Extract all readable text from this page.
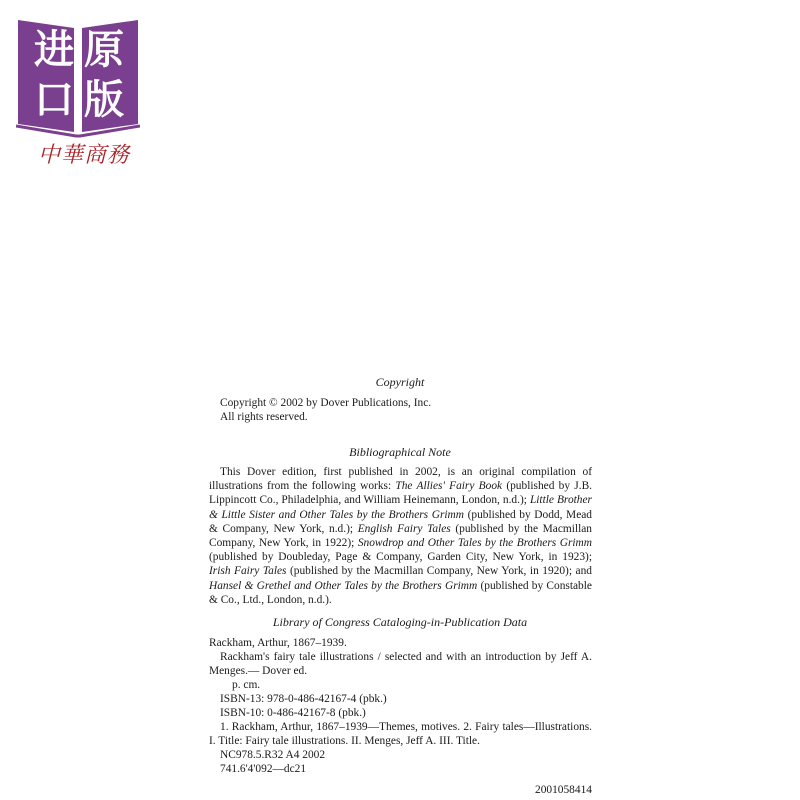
进 原
口 版
中華商務
Copyright
Copyright © 2002 by Dover Publications, Inc.
All rights reserved.
Bibliographical Note
This Dover edition, first published in 2002, is an original compilation of illustrations from the following works: The Allies' Fairy Book (published by J.B. Lippincott Co., Philadelphia, and William Heinemann, London, n.d.); Little Brother & Little Sister and Other Tales by the Brothers Grimm (published by Dodd, Mead & Company, New York, n.d.); English Fairy Tales (published by the Macmillan Company, New York, in 1922); Snowdrop and Other Tales by the Brothers Grimm (published by Doubleday, Page & Company, Garden City, New York, in 1923); Irish Fairy Tales (published by the Macmillan Company, New York, in 1920); and Hansel & Grethel and Other Tales by the Brothers Grimm (published by Constable & Co., Ltd., London, n.d.).
Library of Congress Cataloging-in-Publication Data
Rackham, Arthur, 1867–1939.
Rackham's fairy tale illustrations / selected and with an introduction by Jeff A. Menges.— Dover ed.
p. cm.
ISBN-13: 978-0-486-42167-4 (pbk.)
ISBN-10: 0-486-42167-8 (pbk.)
1. Rackham, Arthur, 1867–1939—Themes, motives. 2. Fairy tales—Illustrations. I. Title: Fairy tale illustrations. II. Menges, Jeff A. III. Title.
NC978.5.R32 A4 2002
741.6'4'092—dc21
2001058414
